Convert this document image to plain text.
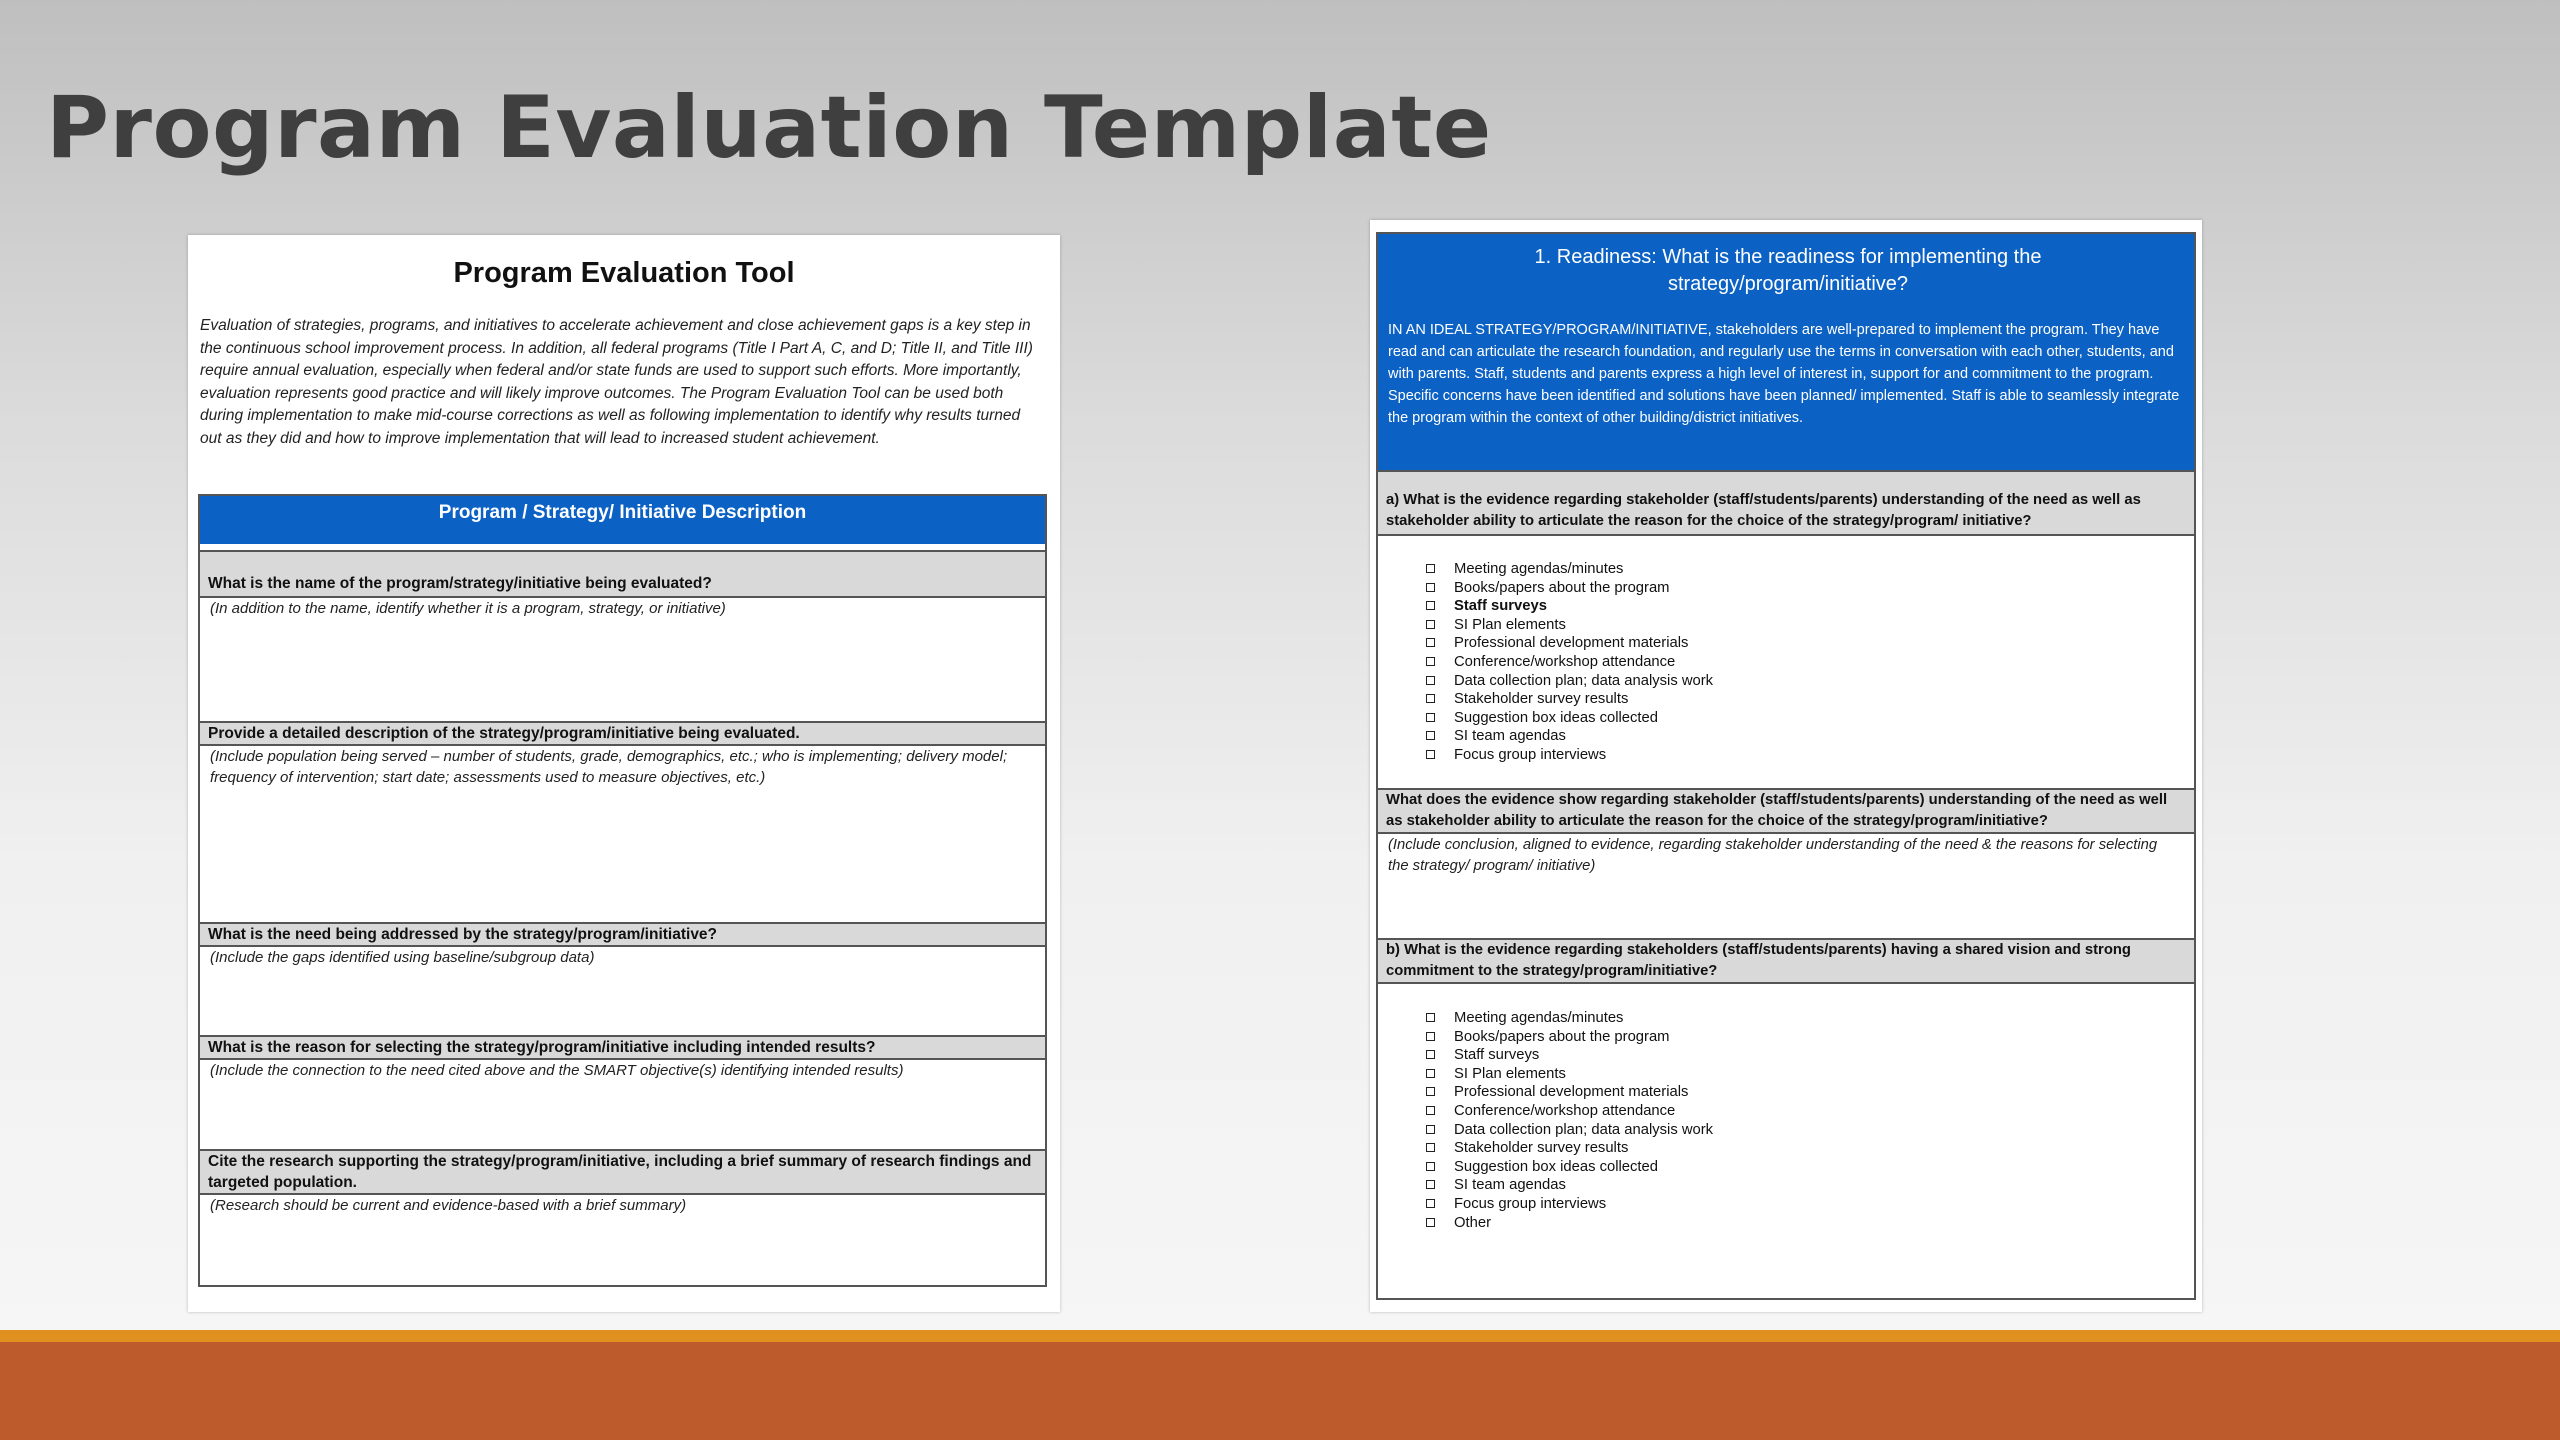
Program Evaluation Template
Program Evaluation Tool

Evaluation of strategies, programs, and initiatives to accelerate achievement and close achievement gaps is a key step in the continuous school improvement process. In addition, all federal programs (Title I Part A, C, and D; Title II, and Title III) require annual evaluation, especially when federal and/or state funds are used to support such efforts. More importantly, evaluation represents good practice and will likely improve outcomes. The Program Evaluation Tool can be used both during implementation to make mid-course corrections as well as following implementation to identify why results turned out as they did and how to improve implementation that will lead to increased student achievement.

Program / Strategy/ Initiative Description
What is the name of the program/strategy/initiative being evaluated?
(In addition to the name, identify whether it is a program, strategy, or initiative)
Provide a detailed description of the strategy/program/initiative being evaluated.
(Include population being served – number of students, grade, demographics, etc.; who is implementing; delivery model; frequency of intervention; start date; assessments used to measure objectives, etc.)
What is the need being addressed by the strategy/program/initiative?
(Include the gaps identified using baseline/subgroup data)
What is the reason for selecting the strategy/program/initiative including intended results?
(Include the connection to the need cited above and the SMART objective(s) identifying intended results)
Cite the research supporting the strategy/program/initiative, including a brief summary of research findings and targeted population.
(Research should be current and evidence-based with a brief summary)
1. Readiness: What is the readiness for implementing the strategy/program/initiative?
IN AN IDEAL STRATEGY/PROGRAM/INITIATIVE, stakeholders are well-prepared to implement the program. They have read and can articulate the research foundation, and regularly use the terms in conversation with each other, students, and with parents. Staff, students and parents express a high level of interest in, support for and commitment to the program. Specific concerns have been identified and solutions have been planned/ implemented. Staff is able to seamlessly integrate the program within the context of other building/district initiatives.
a) What is the evidence regarding stakeholder (staff/students/parents) understanding of the need as well as stakeholder ability to articulate the reason for the choice of the strategy/program/ initiative?
Meeting agendas/minutes
Books/papers about the program
Staff surveys
SI Plan elements
Professional development materials
Conference/workshop attendance
Data collection plan; data analysis work
Stakeholder survey results
Suggestion box ideas collected
SI team agendas
Focus group interviews
What does the evidence show regarding stakeholder (staff/students/parents) understanding of the need as well as stakeholder ability to articulate the reason for the choice of the strategy/program/initiative?
(Include conclusion, aligned to evidence, regarding stakeholder understanding of the need & the reasons for selecting the strategy/ program/ initiative)
b) What is the evidence regarding stakeholders (staff/students/parents) having a shared vision and strong commitment to the strategy/program/initiative?
Meeting agendas/minutes
Books/papers about the program
Staff surveys
SI Plan elements
Professional development materials
Conference/workshop attendance
Data collection plan; data analysis work
Stakeholder survey results
Suggestion box ideas collected
SI team agendas
Focus group interviews
Other
